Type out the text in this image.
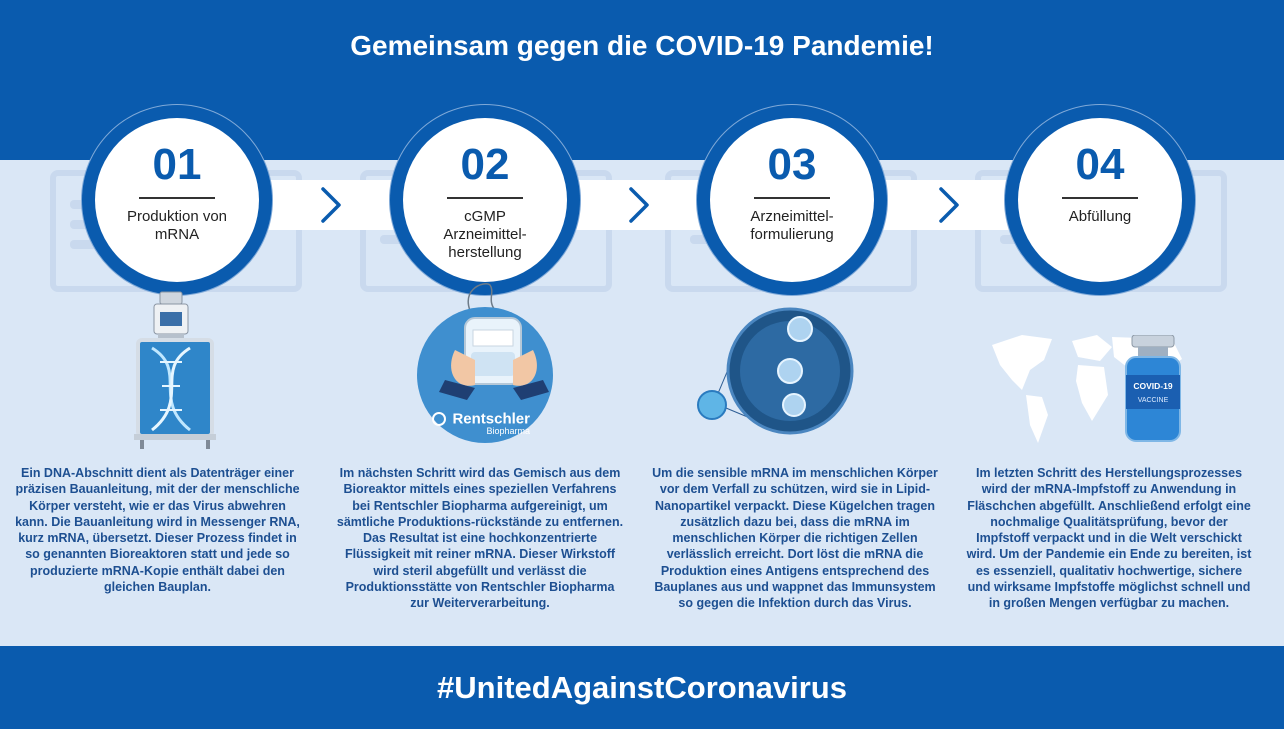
Gemeinsam gegen die COVID-19 Pandemie!
01
Produktion von mRNA
02
cGMP Arzneimittel-herstellung
03
Arzneimittel-formulierung
04
Abfüllung
Rentschler
Biopharma
COVID-19
VACCINE
Ein DNA-Abschnitt dient als Datenträger einer präzisen Bauanleitung, mit der der menschliche Körper versteht, wie er das Virus abwehren kann. Die Bauanleitung wird in Messenger RNA, kurz mRNA, übersetzt. Dieser Prozess findet in so genannten Bioreaktoren statt und jede so produzierte mRNA-Kopie enthält dabei den gleichen Bauplan.
Im nächsten Schritt wird das Gemisch aus dem Bioreaktor mittels eines speziellen Verfahrens bei Rentschler Biopharma aufgereinigt, um sämtliche Produktions-rückstände zu entfernen. Das Resultat ist eine hochkonzentrierte Flüssigkeit mit reiner mRNA. Dieser Wirkstoff wird steril abgefüllt und verlässt die Produktionsstätte von Rentschler Biopharma zur Weiterverarbeitung.
Um die sensible mRNA im menschlichen Körper vor dem Verfall zu schützen, wird sie in Lipid-Nanopartikel verpackt. Diese Kügelchen tragen zusätzlich dazu bei, dass die mRNA im menschlichen Körper die richtigen Zellen verlässlich erreicht. Dort löst die mRNA die Produktion eines Antigens entsprechend des Bauplanes aus und wappnet das Immunsystem so gegen die Infektion durch das Virus.
Im letzten Schritt des Herstellungsprozesses wird der mRNA-Impfstoff zu Anwendung in Fläschchen abgefüllt. Anschließend erfolgt eine nochmalige Qualitätsprüfung, bevor der Impfstoff verpackt und in die Welt verschickt wird. Um der Pandemie ein Ende zu bereiten, ist es essenziell, qualitativ hochwertige, sichere und wirksame Impfstoffe möglichst schnell und in großen Mengen verfügbar zu machen.
#UnitedAgainstCoronavirus
